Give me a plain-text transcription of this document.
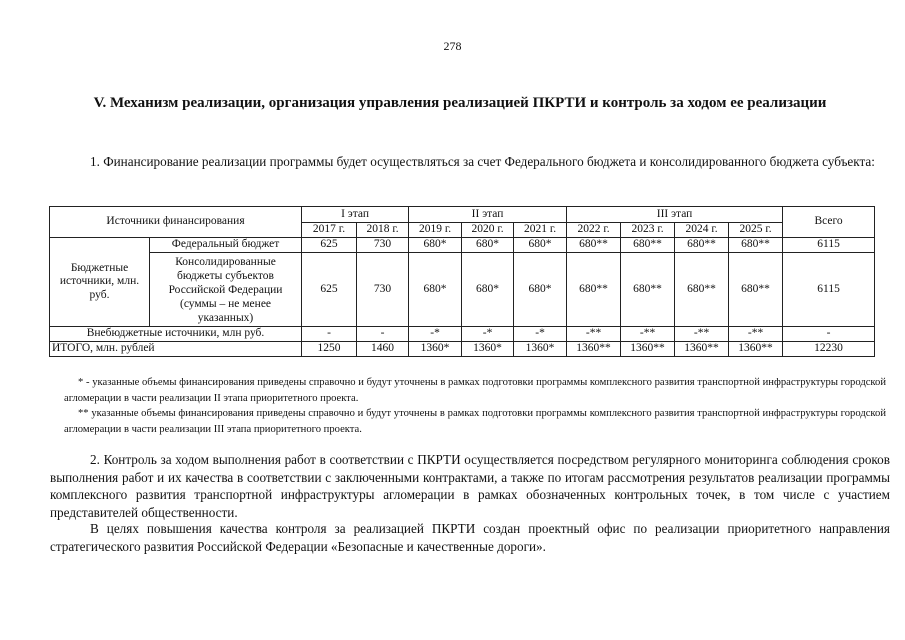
278
V. Механизм реализации, организация управления реализацией ПКРТИ и контроль за ходом ее реализации
1. Финансирование реализации программы будет осуществляться за счет Федерального бюджета и консолидированного бюджета субъекта:
Источники финансирования		I этап		II этап			III этап				Всего
		2017 г.	2018 г.	2019 г.	2020 г.	2021 г.	2022 г.	2023 г.	2024 г.	2025 г.	
Бюджетные источники, млн. руб.	Федеральный бюджет	625	730	680*	680*	680*	680**	680**	680**	680**	6115
	Консолидированные бюджеты субъектов Российской Федерации (суммы – не менее указанных)	625	730	680*	680*	680*	680**	680**	680**	680**	6115
Внебюджетные источники, млн руб.		-	-	-*	-*	-*	-**	-**	-**	-**	-
ИТОГО, млн. рублей		1250	1460	1360*	1360*	1360*	1360**	1360**	1360**	1360**	12230

* - указанные объемы финансирования приведены справочно и будут уточнены в рамках подготовки программы комплексного развития транспортной инфраструктуры городской агломерации в части реализации II этапа приоритетного проекта.

** указанные объемы финансирования приведены справочно и будут уточнены в рамках подготовки программы комплексного развития транспортной инфраструктуры городской агломерации в части реализации III этапа приоритетного проекта.

2. Контроль за ходом выполнения работ в соответствии с ПКРТИ осуществляется посредством регулярного мониторинга соблюдения сроков выполнения работ и их качества в соответствии с заключенными контрактами, а также по итогам рассмотрения результатов реализации программы комплексного развития транспортной инфраструктуры агломерации в рамках обозначенных контрольных точек, в том числе с участием представителей общественности.
В целях повышения качества контроля за реализацией ПКРТИ создан проектный офис по реализации приоритетного направления стратегического развития Российской Федерации «Безопасные и качественные дороги».
